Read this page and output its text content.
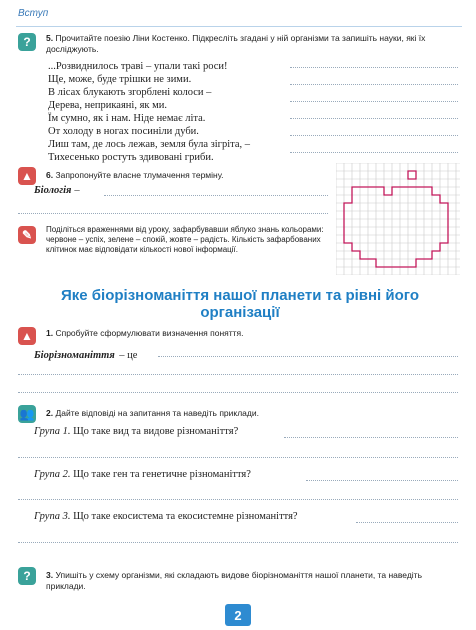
Вступ
?	5. Прочитайте поезію Ліни Костенко. Підкресліть згадані у ній організми та запишіть науки, які їх досліджують.
...Розвиднилось траві – упали такі роси!
Ще, може, буде трішки не зими.
В лісах блукають згорблені колоси –
Дерева, неприкаяні, як ми.
Їм сумно, як і нам. Ніде немає літа.
От холоду в ногах посиніли дуби.
Лиш там, де лось лежав, земля була зігріта, –
Тихесенько ростуть здивовані гриби.
▲	6. Запропонуйте власне тлумачення терміну.
Біологія –
✎	Поділіться враженнями від уроку, зафарбувавши яблуко знань кольорами: червоне – успіх, зелене – спокій, жовте – радість. Кількість зафарбованих клітинок має відповідати кількості нової інформації.
Яке біорізноманіття нашої планети та рівні його організації
▲	1. Спробуйте сформулювати визначення поняття.
Біорізноманіття – це
👥 2. Дайте відповіді на запитання та наведіть приклади.
Група 1. Що таке вид та видове різноманіття?
Група 2. Що таке ген та генетичне різноманіття?
Група 3. Що таке екосистема та екосистемне різноманіття?
?	3. Упишіть у схему організми, які складають видове біорізноманіття нашої планети, та наведіть приклади.
2
